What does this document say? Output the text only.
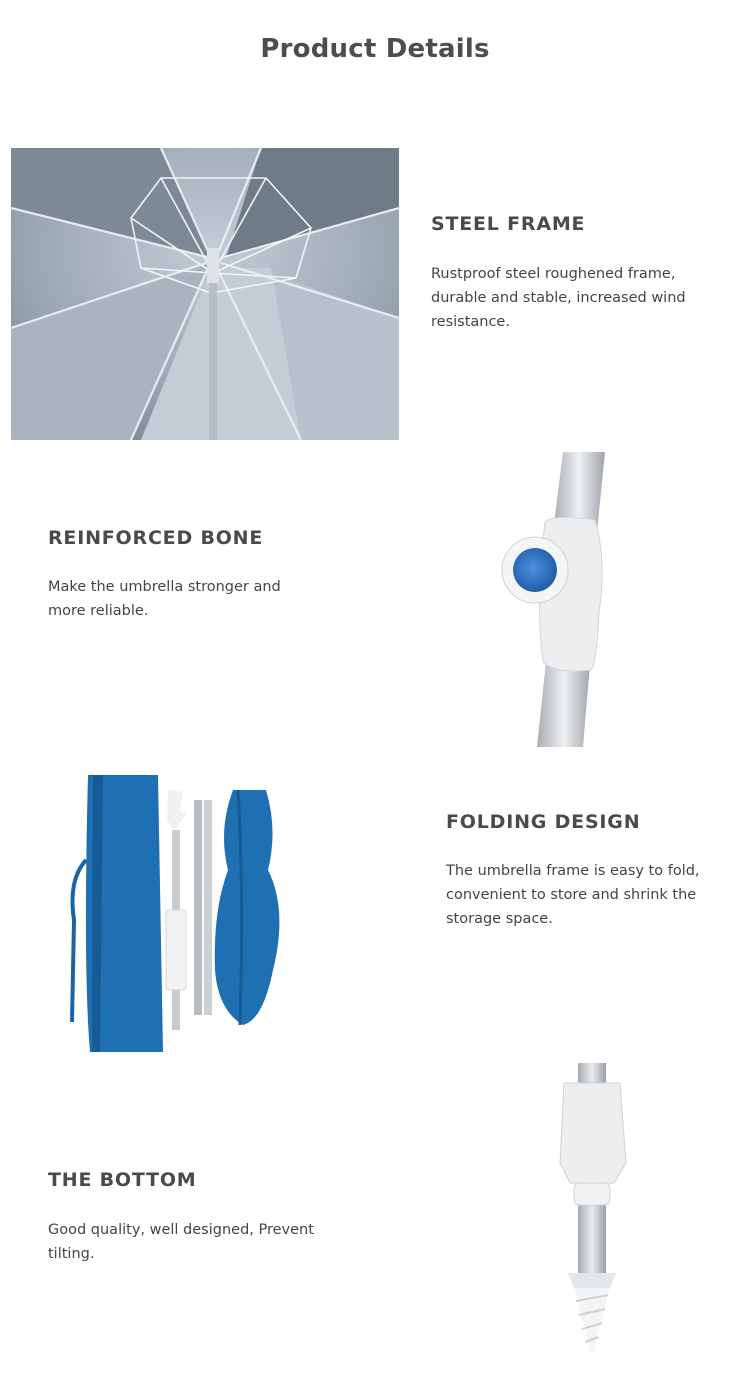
Product Details
STEEL FRAME

Rustproof steel roughened frame,
durable and stable, increased wind
resistance.

REINFORCED BONE

Make the umbrella stronger and
more reliable.

FOLDING DESIGN

The umbrella frame is easy to fold,
convenient to store and shrink the
storage space.

THE BOTTOM

Good quality, well designed, Prevent
tilting.
